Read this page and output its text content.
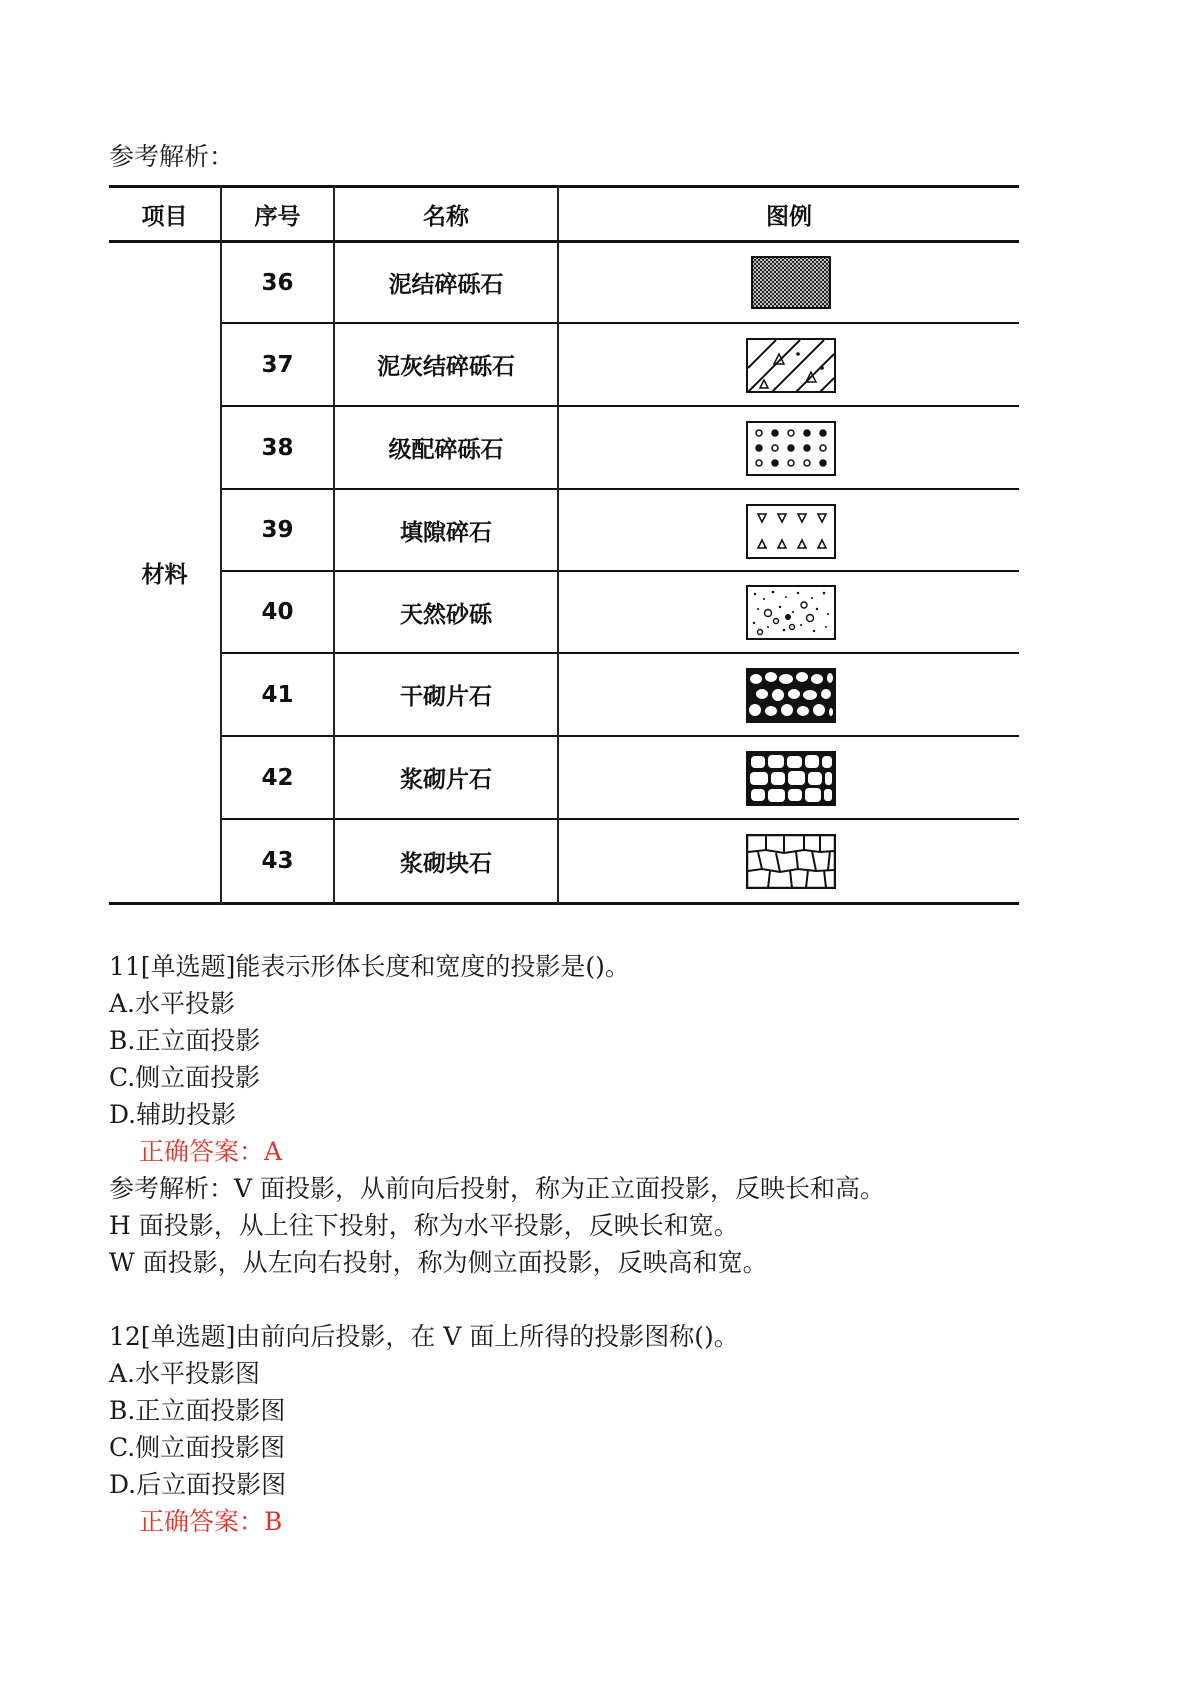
参考解析：
项目	序号	名称	图例
材料
36	泥结碎砾石
37	泥灰结碎砾石
38	级配碎砾石
39	填隙碎石
40	天然砂砾
41	干砌片石
42	浆砌片石
43	浆砌块石
11[单选题]能表示形体长度和宽度的投影是()。
A.水平投影
B.正立面投影
C.侧立面投影
D.辅助投影
正确答案：A
参考解析：V 面投影，从前向后投射，称为正立面投影，反映长和高。
H 面投影，从上往下投射，称为水平投影，反映长和宽。
W 面投影，从左向右投射，称为侧立面投影，反映高和宽。
12[单选题]由前向后投影，在 V 面上所得的投影图称()。
A.水平投影图
B.正立面投影图
C.侧立面投影图
D.后立面投影图
正确答案：B
